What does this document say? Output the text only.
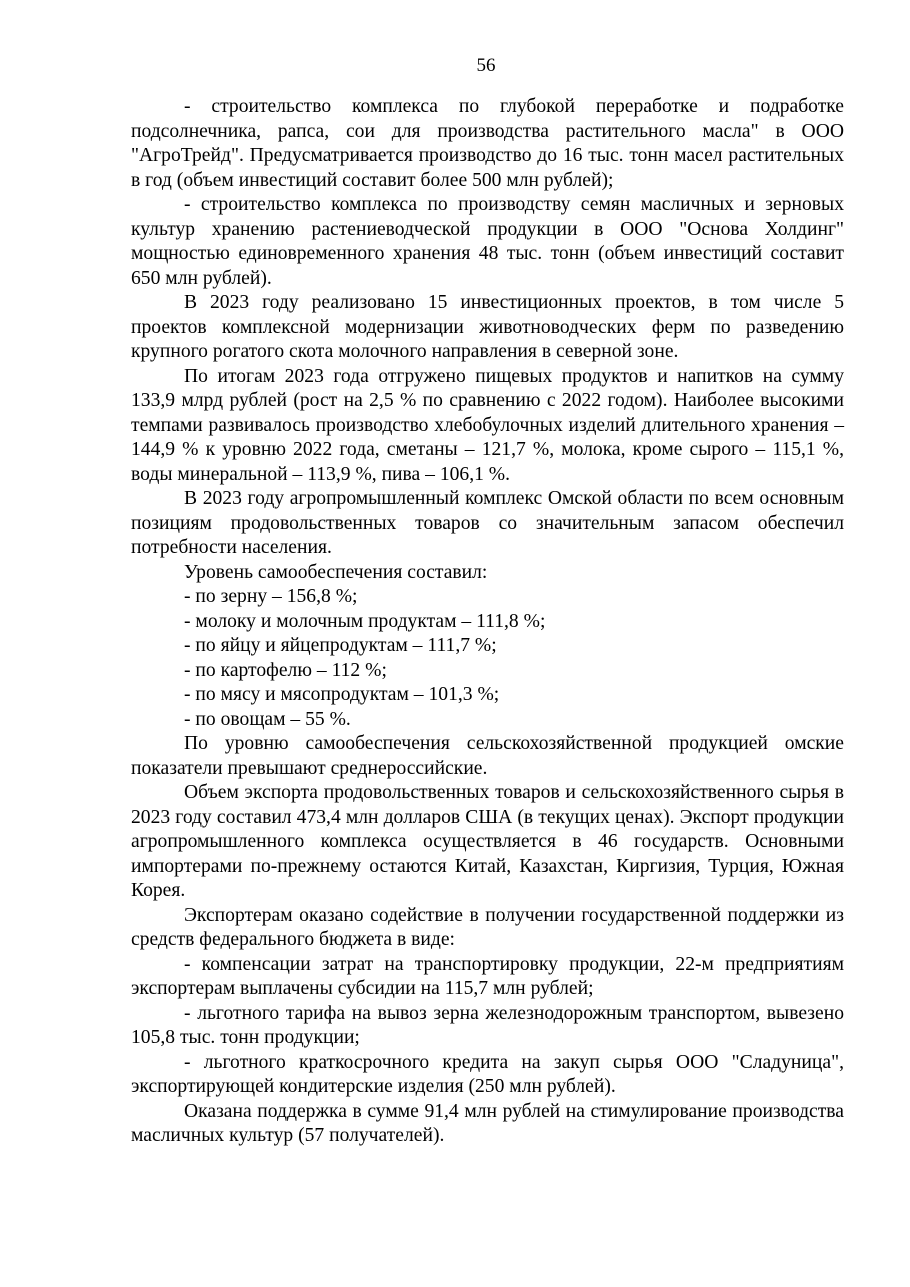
56

- строительство комплекса по глубокой переработке и подработке подсолнечника, рапса, сои для производства растительного масла" в ООО "АгроТрейд". Предусматривается производство до 16 тыс. тонн масел растительных в год (объем инвестиций составит более 500 млн рублей);

- строительство комплекса по производству семян масличных и зерновых культур хранению растениеводческой продукции в ООО "Основа Холдинг" мощностью единовременного хранения 48 тыс. тонн (объем инвестиций составит 650 млн рублей).

В 2023 году реализовано 15 инвестиционных проектов, в том числе 5 проектов комплексной модернизации животноводческих ферм по разведению крупного рогатого скота молочного направления в северной зоне.

По итогам 2023 года отгружено пищевых продуктов и напитков на сумму 133,9 млрд рублей (рост на 2,5 % по сравнению с 2022 годом). Наиболее высокими темпами развивалось производство хлебобулочных изделий длительного хранения – 144,9 % к уровню 2022 года, сметаны – 121,7 %, молока, кроме сырого – 115,1 %, воды минеральной – 113,9 %, пива – 106,1 %.

В 2023 году агропромышленный комплекс Омской области по всем основным позициям продовольственных товаров со значительным запасом обеспечил потребности населения.

Уровень самообеспечения составил:

- по зерну – 156,8 %;

- молоку и молочным продуктам – 111,8 %;

- по яйцу и яйцепродуктам – 111,7 %;

- по картофелю – 112 %;

- по мясу и мясопродуктам – 101,3 %;

- по овощам – 55 %.

По уровню самообеспечения сельскохозяйственной продукцией омские показатели превышают среднероссийские.

Объем экспорта продовольственных товаров и сельскохозяйственного сырья в 2023 году составил 473,4 млн долларов США (в текущих ценах). Экспорт продукции агропромышленного комплекса осуществляется в 46 государств. Основными импортерами по-прежнему остаются Китай, Казахстан, Киргизия, Турция, Южная Корея.

Экспортерам оказано содействие в получении государственной поддержки из средств федерального бюджета в виде:

- компенсации затрат на транспортировку продукции, 22-м предприятиям экспортерам выплачены субсидии на 115,7 млн рублей;

- льготного тарифа на вывоз зерна железнодорожным транспортом, вывезено 105,8 тыс. тонн продукции;

- льготного краткосрочного кредита на закуп сырья ООО "Сладуница", экспортирующей кондитерские изделия (250 млн рублей).

Оказана поддержка в сумме 91,4 млн рублей на стимулирование производства масличных культур (57 получателей).
